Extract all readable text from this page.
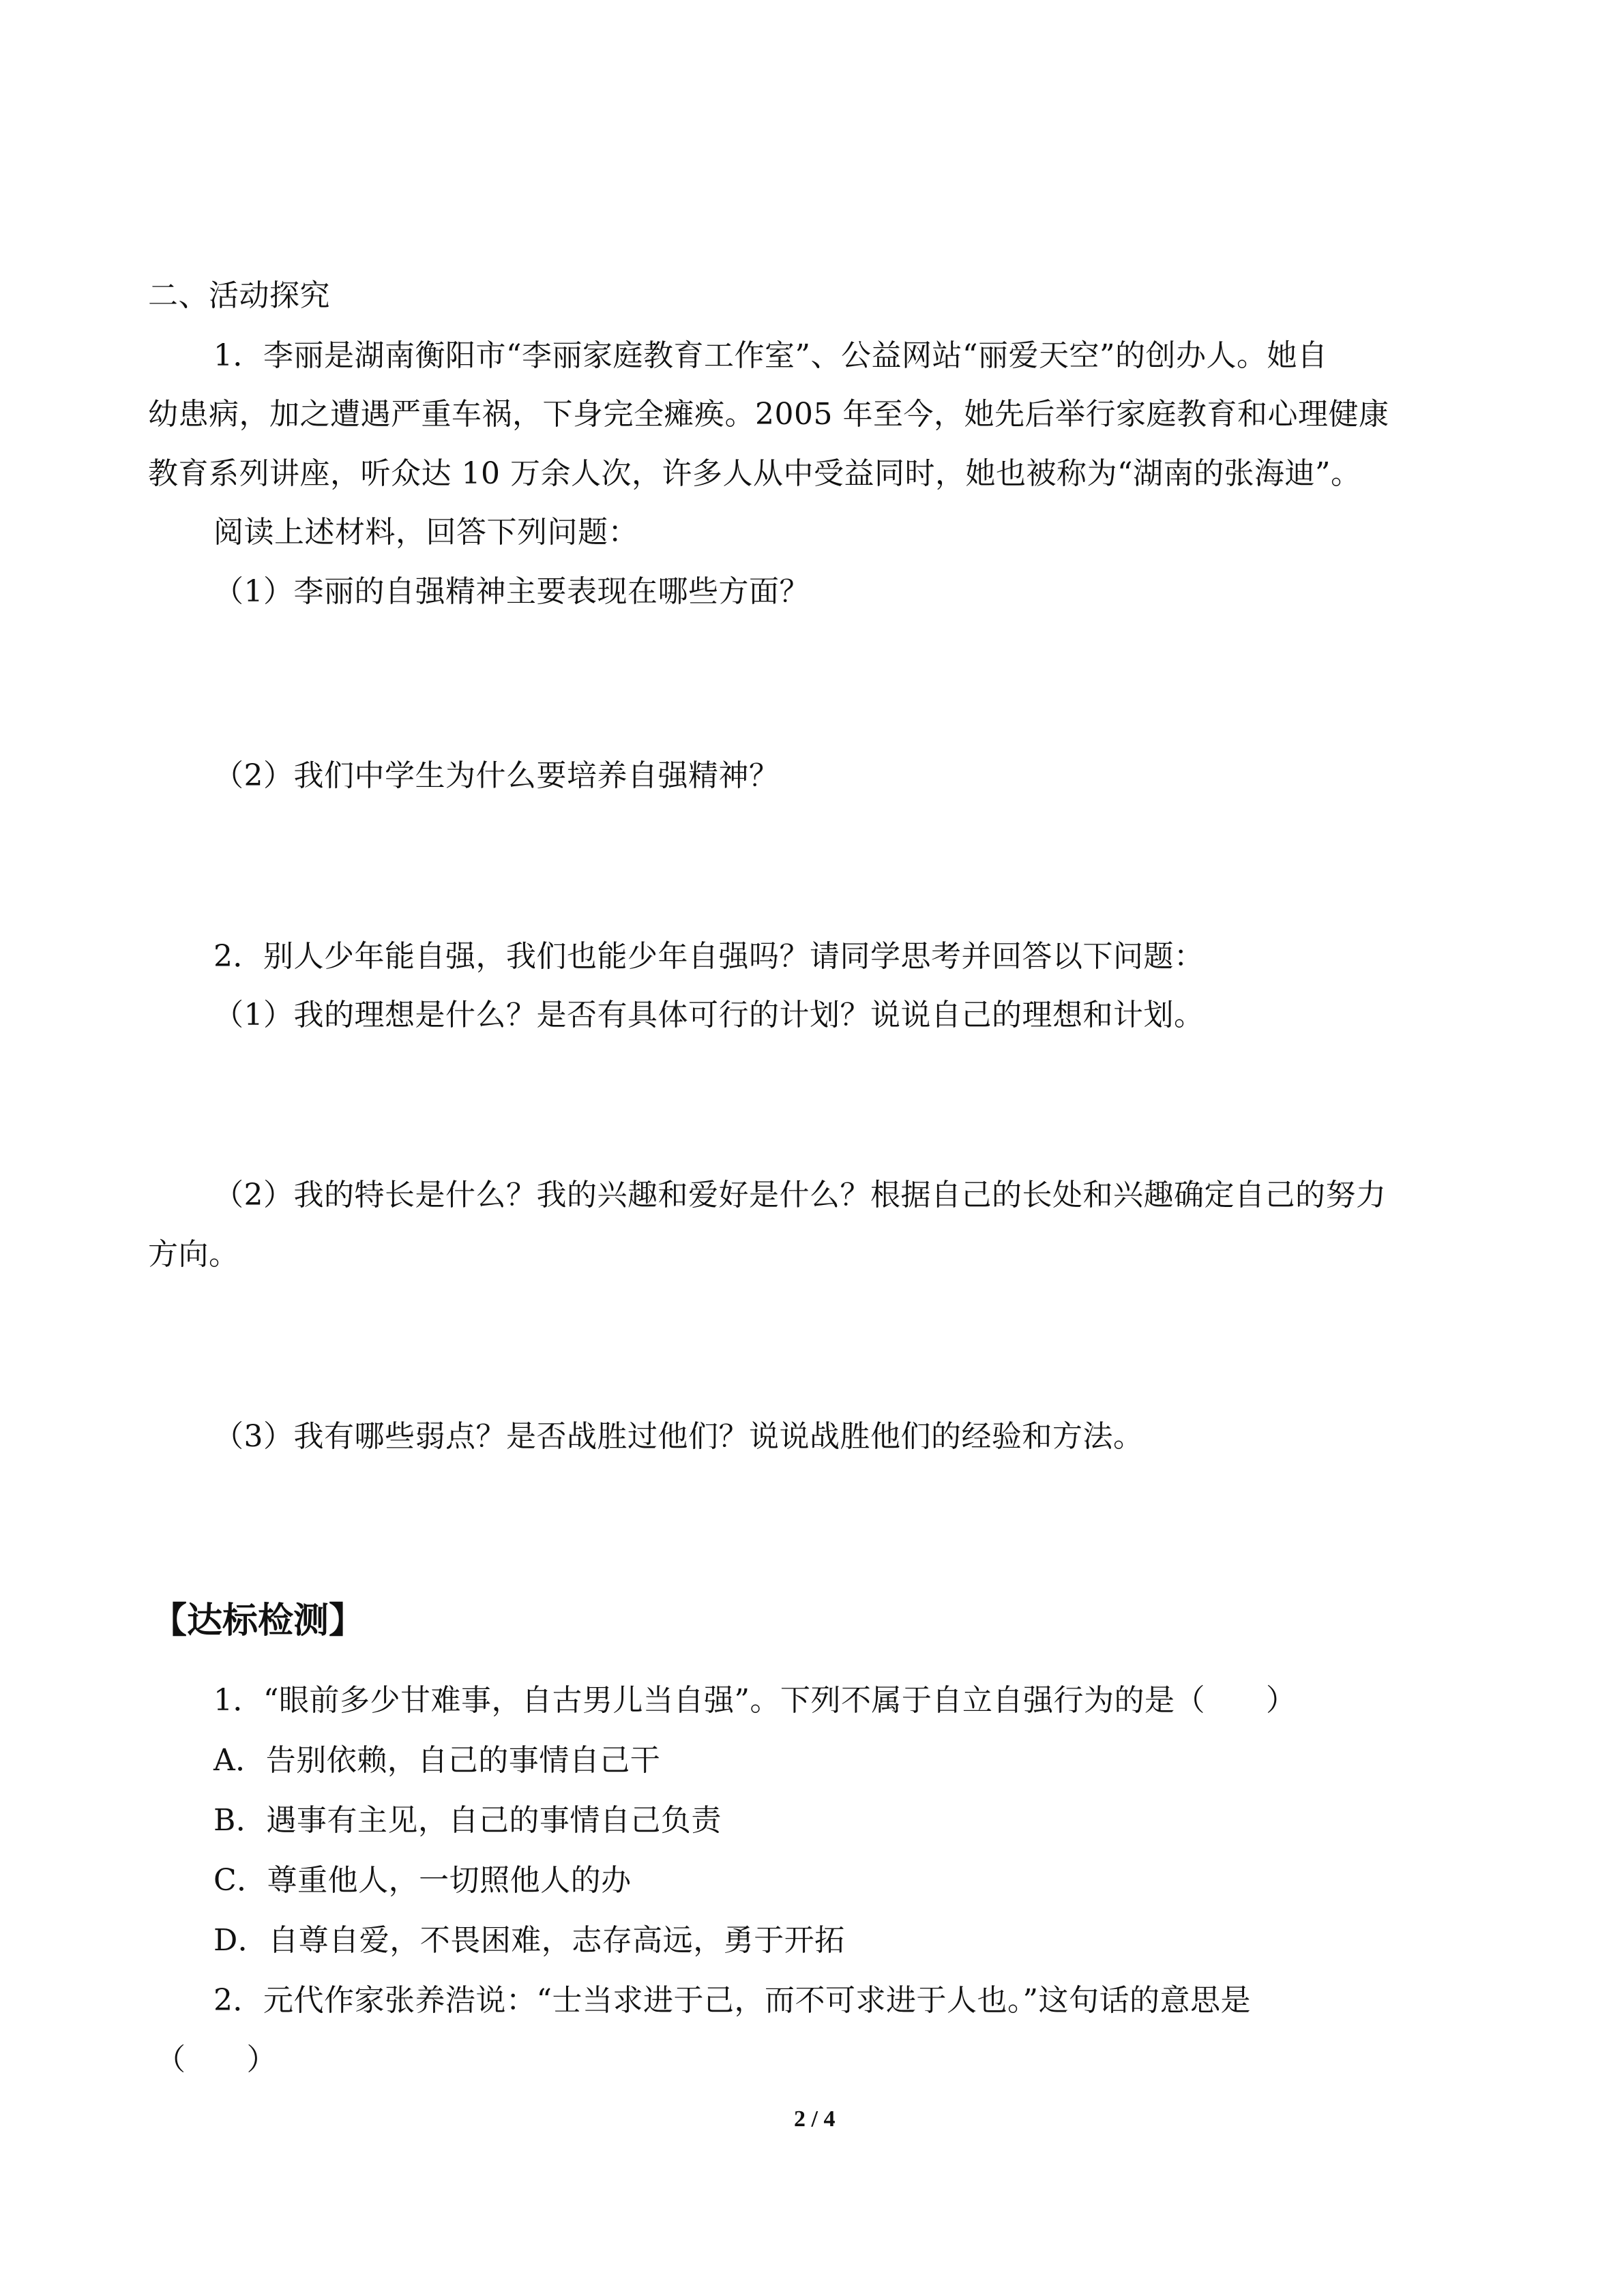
二、活动探究
1．李丽是湖南衡阳市“李丽家庭教育工作室”、公益网站“丽爱天空”的创办人。她自
幼患病，加之遭遇严重车祸，下身完全瘫痪。2005 年至今，她先后举行家庭教育和心理健康
教育系列讲座，听众达 10 万余人次，许多人从中受益同时，她也被称为“湖南的张海迪”。
阅读上述材料，回答下列问题：
（1）李丽的自强精神主要表现在哪些方面？
（2）我们中学生为什么要培养自强精神？
2．别人少年能自强，我们也能少年自强吗？请同学思考并回答以下问题：
（1）我的理想是什么？是否有具体可行的计划？说说自己的理想和计划。
（2）我的特长是什么？我的兴趣和爱好是什么？根据自己的长处和兴趣确定自己的努力
方向。
（3）我有哪些弱点？是否战胜过他们？说说战胜他们的经验和方法。
【达标检测】
1．“眼前多少甘难事，自古男儿当自强”。下列不属于自立自强行为的是（　　）
A．告别依赖，自己的事情自己干
B．遇事有主见，自己的事情自己负责
C．尊重他人，一切照他人的办
D．自尊自爱，不畏困难，志存高远，勇于开拓
2．元代作家张养浩说：“士当求进于己，而不可求进于人也。”这句话的意思是
（　　）
2 / 4
